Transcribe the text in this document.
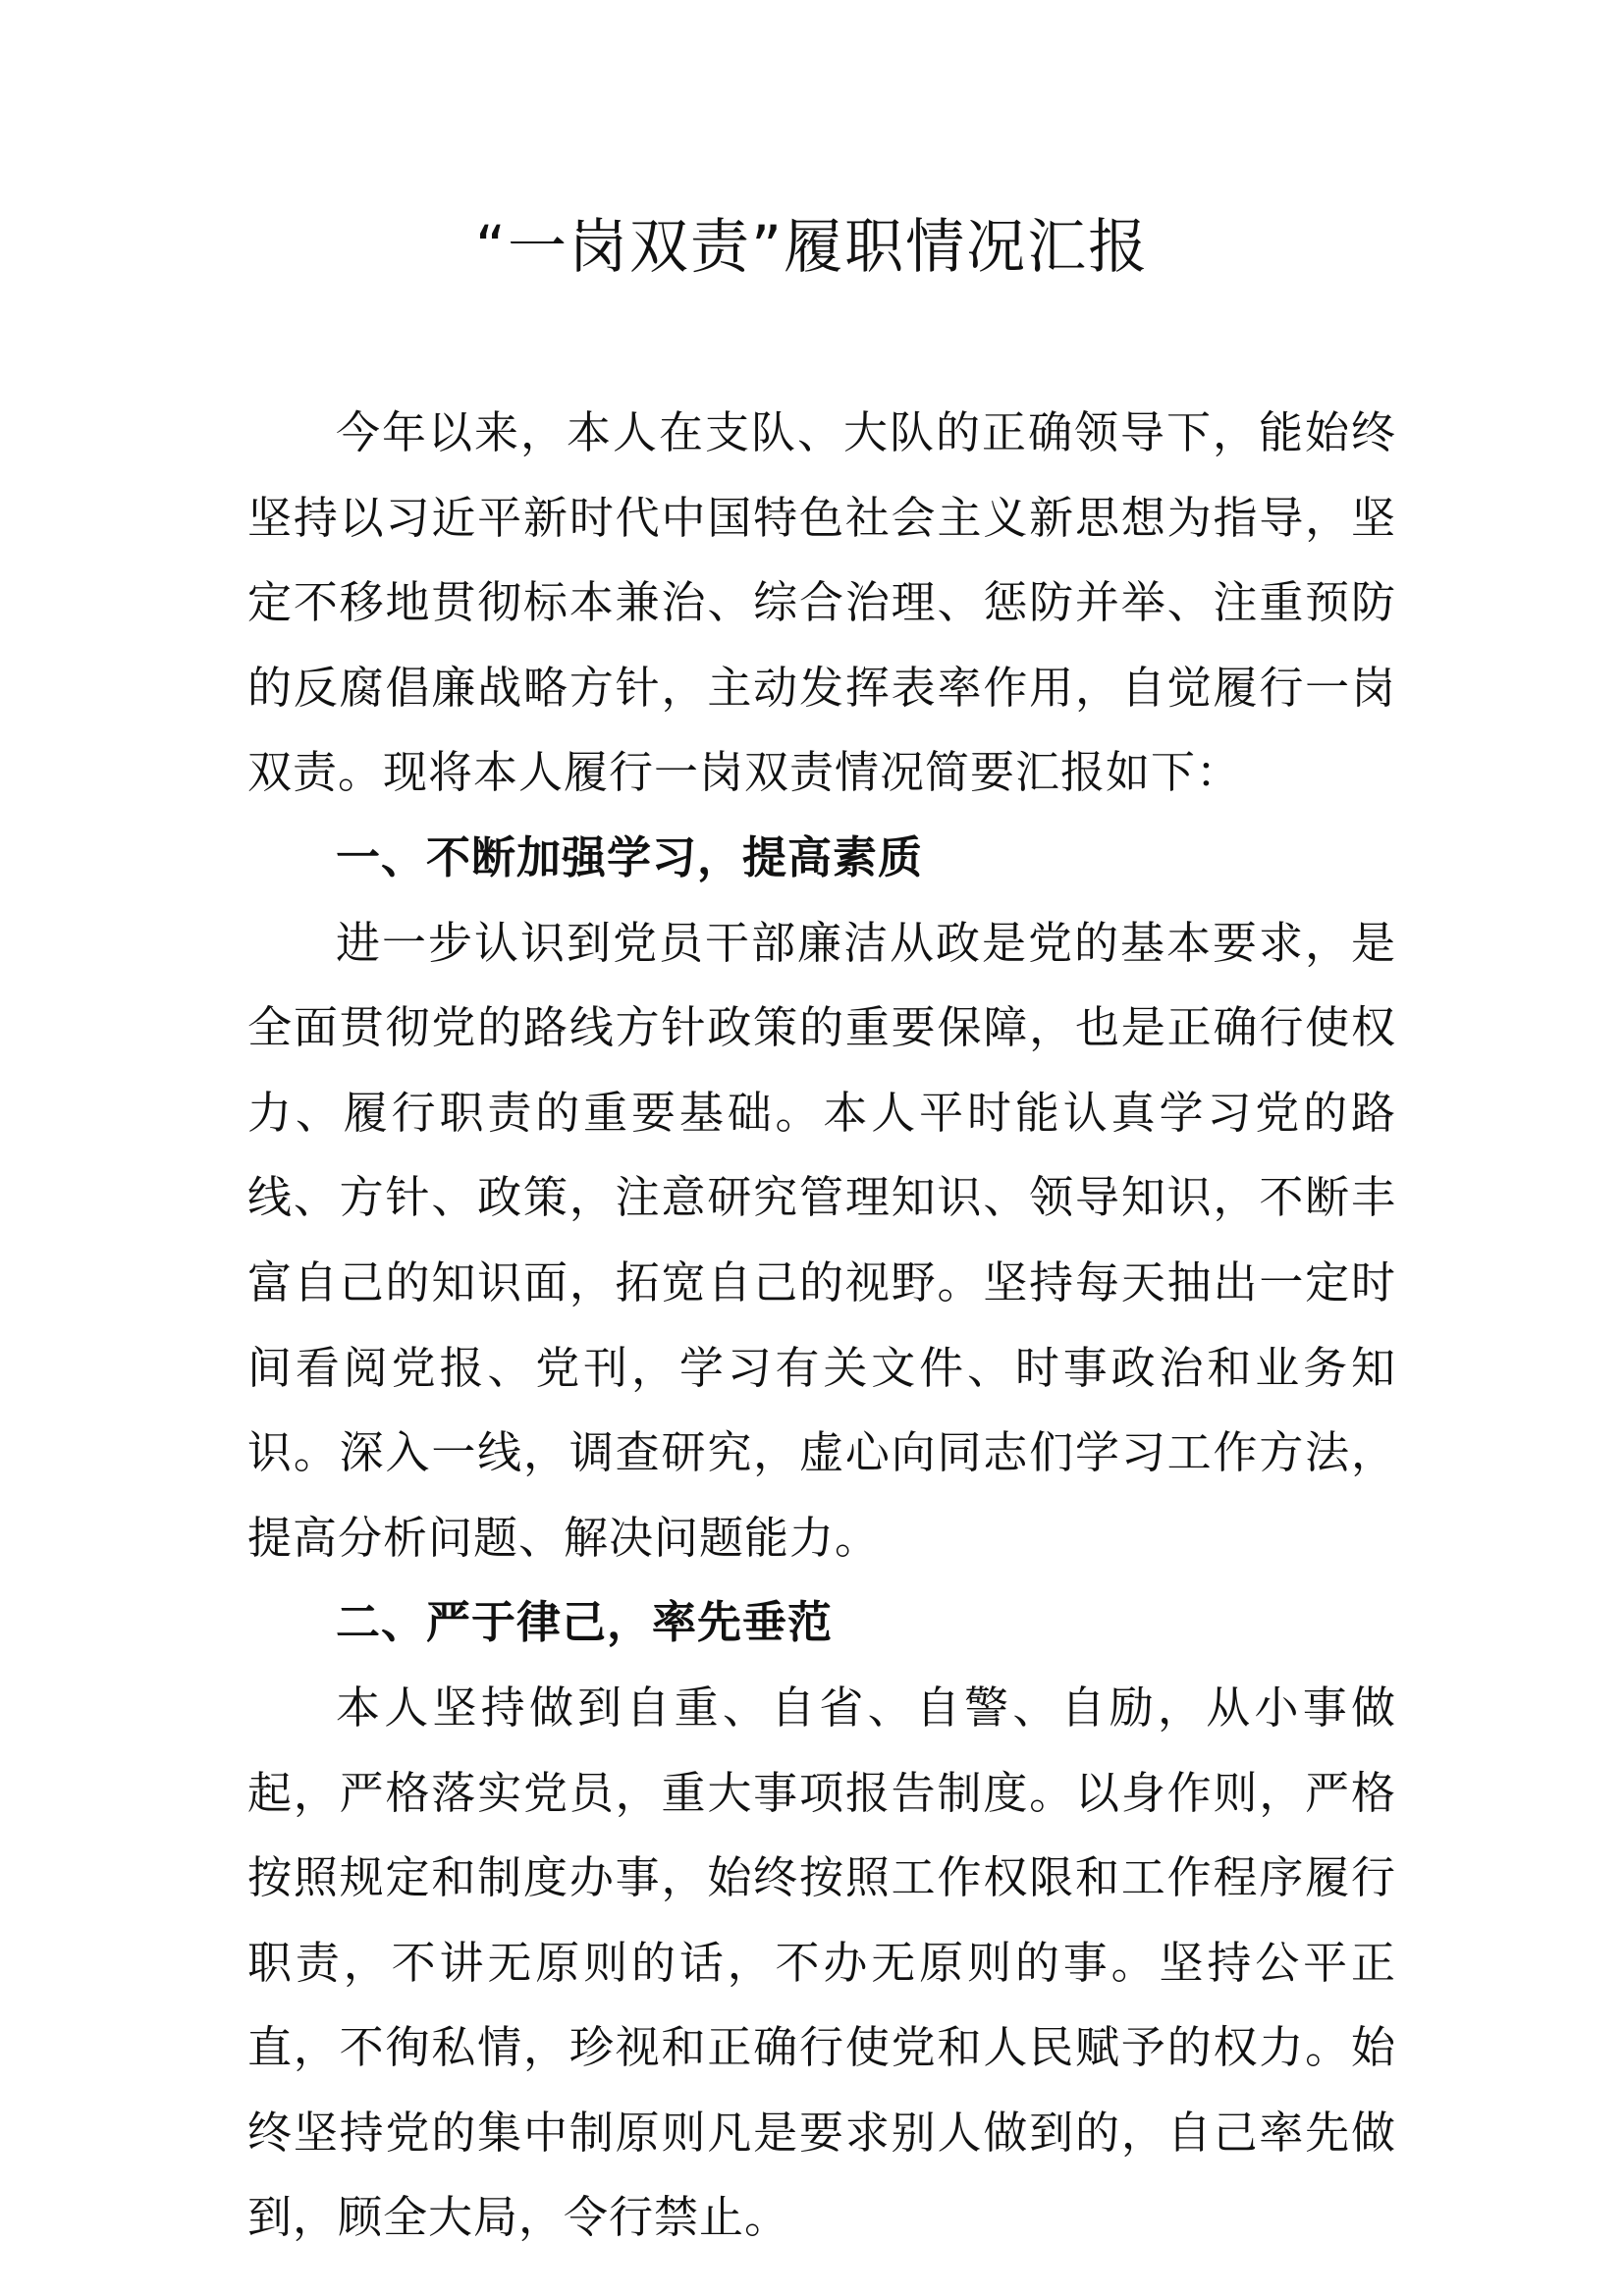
“一岗双责”履职情况汇报

今年以来，本人在支队、大队的正确领导下，能始终坚持以习近平新时代中国特色社会主义新思想为指导，坚定不移地贯彻标本兼治、综合治理、惩防并举、注重预防的反腐倡廉战略方针，主动发挥表率作用，自觉履行一岗双责。现将本人履行一岗双责情况简要汇报如下：

一、不断加强学习，提高素质

进一步认识到党员干部廉洁从政是党的基本要求，是全面贯彻党的路线方针政策的重要保障，也是正确行使权力、履行职责的重要基础。本人平时能认真学习党的路线、方针、政策，注意研究管理知识、领导知识，不断丰富自己的知识面，拓宽自己的视野。坚持每天抽出一定时间看阅党报、党刊，学习有关文件、时事政治和业务知识。深入一线，调查研究，虚心向同志们学习工作方法，提高分析问题、解决问题能力。

二、严于律己，率先垂范

本人坚持做到自重、自省、自警、自励，从小事做起，严格落实党员，重大事项报告制度。以身作则，严格按照规定和制度办事，始终按照工作权限和工作程序履行职责，不讲无原则的话，不办无原则的事。坚持公平正直，不徇私情，珍视和正确行使党和人民赋予的权力。始终坚持党的集中制原则凡是要求别人做到的，自己率先做到，顾全大局，令行禁止。
